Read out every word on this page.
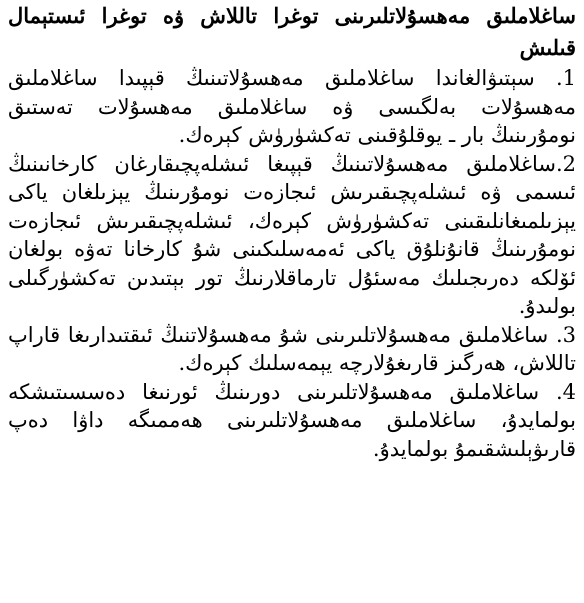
ساغلاملىق مەھسۇلاتلىرىنى توغرا تاللاش ۋە توغرا ئىستېمال قىلىش

1. سېتىۋالغاندا ساغلاملىق مەھسۇلاتىنىڭ قېپىدا ساغلاملىق مەھسۇلات بەلگىسى ۋە ساغلاملىق مەھسۇلات تەستىق نومۇرىنىڭ بار ـ يوقلۇقىنى تەكشۈرۈش كېرەك.

2.ساغلاملىق مەھسۇلاتىنىڭ قېپىغا ئىشلەپچىقارغان كارخانىنىڭ ئىسمى ۋە ئىشلەپچىقىرىش ئىجازەت نومۇرىنىڭ يېزىلغان ياكى يېزىلمىغانلىقىنى تەكشۈرۈش كېرەك، ئىشلەپچىقىرىش ئىجازەت نومۇرىنىڭ قانۇنلۇق ياكى ئەمەسلىكىنى شۇ كارخانا تەۋە بولغان ئۆلكە دەرىجىلىك مەسئۇل تارماقلارنىڭ تور بېتىدىن تەكشۈرگىلى بولىدۇ.

3. ساغلاملىق مەھسۇلاتلىرىنى شۇ مەھسۇلاتنىڭ ئىقتىدارىغا قاراپ تاللاش، ھەرگىز قارىغۇلارچە يېمەسلىك كېرەك.

4. ساغلاملىق مەھسۇلاتلىرىنى دورىنىڭ ئورنىغا دەسسىتىشكە بولمايدۇ، ساغلاملىق مەھسۇلاتلىرىنى ھەممىگە داۋا دەپ قارىۋېلىشقىمۇ بولمايدۇ.
